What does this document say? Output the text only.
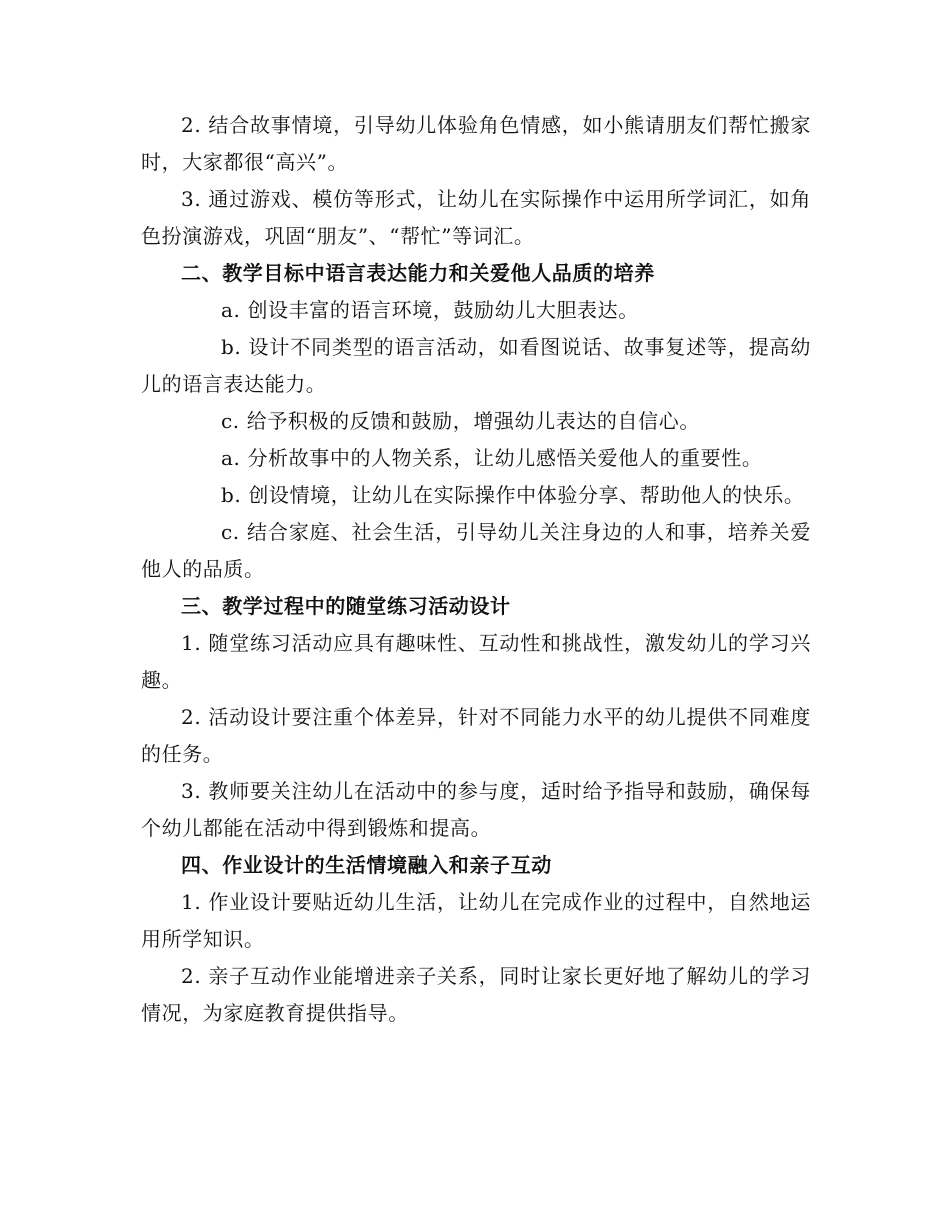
2. 结合故事情境，引导幼儿体验角色情感，如小熊请朋友们帮忙搬家时，大家都很“高兴”。

3. 通过游戏、模仿等形式，让幼儿在实际操作中运用所学词汇，如角色扮演游戏，巩固“朋友”、“帮忙”等词汇。

二、教学目标中语言表达能力和关爱他人品质的培养

a. 创设丰富的语言环境，鼓励幼儿大胆表达。

b. 设计不同类型的语言活动，如看图说话、故事复述等，提高幼儿的语言表达能力。

c. 给予积极的反馈和鼓励，增强幼儿表达的自信心。

a. 分析故事中的人物关系，让幼儿感悟关爱他人的重要性。

b. 创设情境，让幼儿在实际操作中体验分享、帮助他人的快乐。

c. 结合家庭、社会生活，引导幼儿关注身边的人和事，培养关爱他人的品质。

三、教学过程中的随堂练习活动设计

1. 随堂练习活动应具有趣味性、互动性和挑战性，激发幼儿的学习兴趣。

2. 活动设计要注重个体差异，针对不同能力水平的幼儿提供不同难度的任务。

3. 教师要关注幼儿在活动中的参与度，适时给予指导和鼓励，确保每个幼儿都能在活动中得到锻炼和提高。

四、作业设计的生活情境融入和亲子互动

1. 作业设计要贴近幼儿生活，让幼儿在完成作业的过程中，自然地运用所学知识。

2. 亲子互动作业能增进亲子关系，同时让家长更好地了解幼儿的学习情况，为家庭教育提供指导。
